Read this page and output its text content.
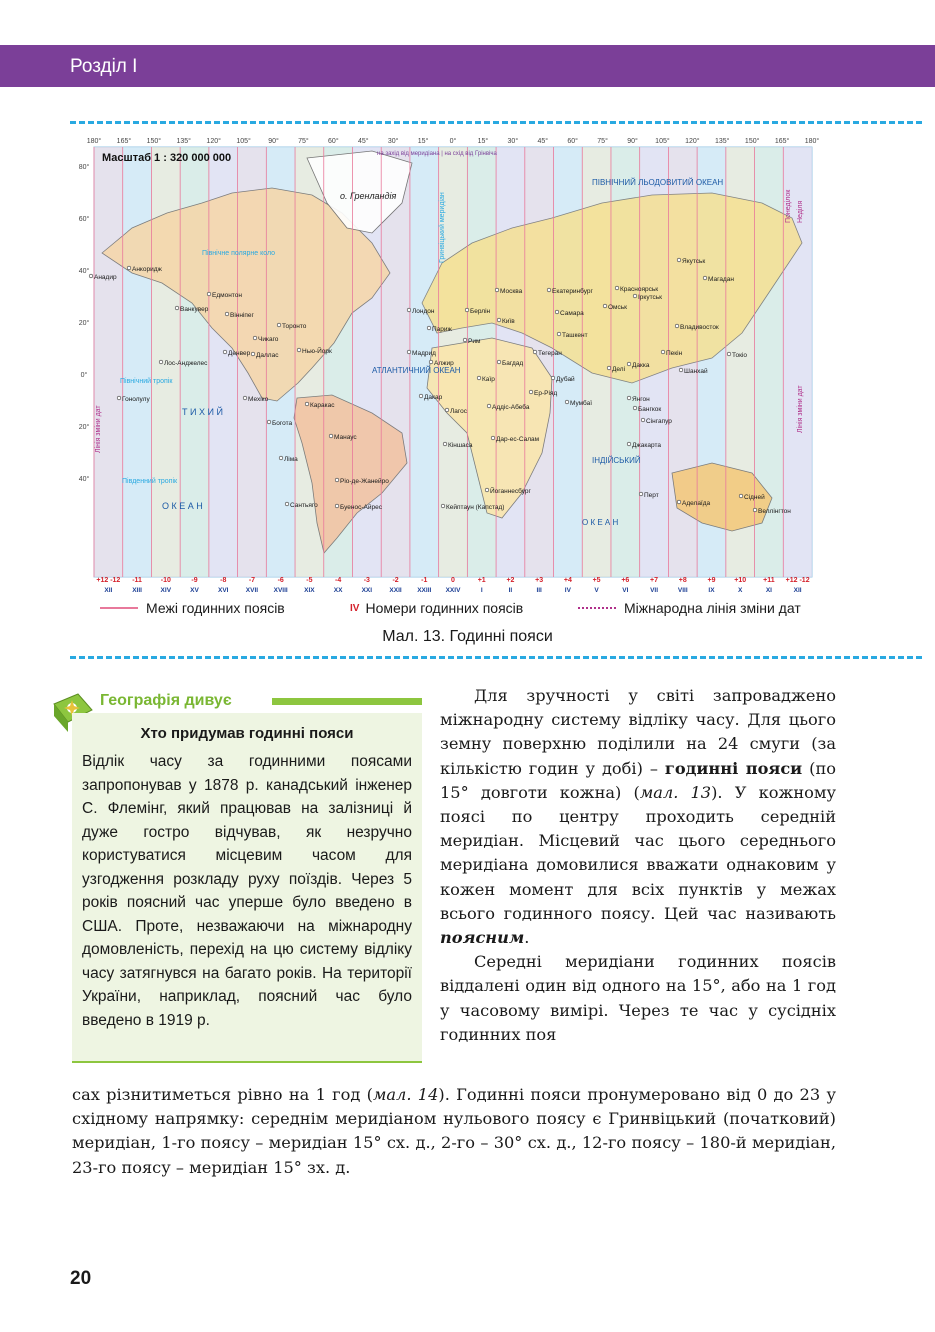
Розділ I
180° 165° 150° 135° 120° 105° 90°	75°	60°	45°	30°	15°	0°	15°	30°	45°	60°	75°	90° 105° 120° 135° 150° 165° 180°
80°
60°
40°
20°
0°
20°
40°
+12 -12
XII
-11
XIII
-10
XIV
-9
XV
-8
XVI
-7
XVII
-6
XVIII
-5
XIX
-4
XX
-3
XXI
-2
XXII
-1
XXIII
0
XXIV
+1
I
+2
II
+3
III
+4
IV
+5
V
+6
VI
+7
VII
+8
VIII
+9
IX
+10
X
+11
XI
+12 -12
XII
Масштаб 1 : 320 000 000
о. Гренландія
ПІВНІЧНИЙ ЛЬОДОВИТИЙ ОКЕАН
АТЛАНТИЧНИЙ ОКЕАН
Т И Х И Й
О К Е А Н
ІНДІЙСЬКИЙ
О К Е А Н
Північний тропік
Південний тропік
Північне полярне коло
на захід від меридіана | на схід від Грінвіча
Гринвіцький меридіан
Лінія зміни дат	Лінія зміни дат
Понеділок Неділя
Анкоридж
Анадир
Едмонтон
Ванкувер
Вінніпег
Торонто
Нью-Йорк
Чикаго
Денвер Даллас
Лос-Анджелес
Гонолулу	Мехіко
Каракас
Богота
Манаус
Ліма
Ріо-де-Жанейро
Сантьяго	Буенос-Айрес
Лондон
Париж
Берлін
Рим
Москва
Київ
Мадрид
Алжир
Каїр
Багдад
Дакар
Лагос
Аддіс-Абеба
Кіншаса
Дар-ес-Салам
Йоганнесбург
Кейптаун (Капстад)
Екатеринбург
Самара
Ташкент
Тегеран
Дубай
Красноярськ
Омськ
Іркутськ
Якутськ
Магадан
Владивосток
Пекін
Шанхай
Токіо
Делі
Мумбаї
Янгон
Бангкок
Сінгапур
Джакарта
Дакка
Перт
Аделаїда
Сідней
Веллінгтон
Ер-Ріяд
Межі годинних поясів	IV Номери годинних поясів	Міжнародна лінія зміни дат
Мал. 13. Годинні пояси
Географія дивує
Хто придумав годинні пояси
Відлік часу за годинними поясами запропонував у 1878 р. канадський інженер С. Флемінг, який працював на залізниці й дуже гостро відчував, як незручно користуватися місцевим часом для узгодження розкладу руху поїздів. Через 5 років поясний час уперше було введено в США. Проте, незважаючи на міжнародну домовленість, перехід на цю систему відліку часу затягнувся на багато років. На території України, наприклад, поясний час було введено в 1919 р.

Для зручності у світі запроваджено міжнародну систему відліку часу. Для цього земну поверхню поділили на 24 смуги (за кількістю годин у добі) – годинні пояси (по 15° довготи кожна) (мал. 13). У кожному поясі по центру проходить середній меридіан. Місцевий час цього середнього меридіана домовилися вважати однаковим у кожен момент для всіх пунктів у межах всього годинного поясу. Цей час називають поясним.

Середні меридіани годинних поясів віддалені один від одного на 15°, або на 1 год у часовому вимірі. Через те час у сусідніх годинних поя

сах різнитиметься рівно на 1 год (мал. 14). Годинні пояси пронумеровано від 0 до 23 у східному напрямку: середнім меридіаном нульового поясу є Гринвіцький (початковий) меридіан, 1-го поясу – меридіан 15° сх. д., 2-го – 30° сх. д., 12-го поясу – 180-й меридіан, 23-го поясу – меридіан 15° зх. д.

20
